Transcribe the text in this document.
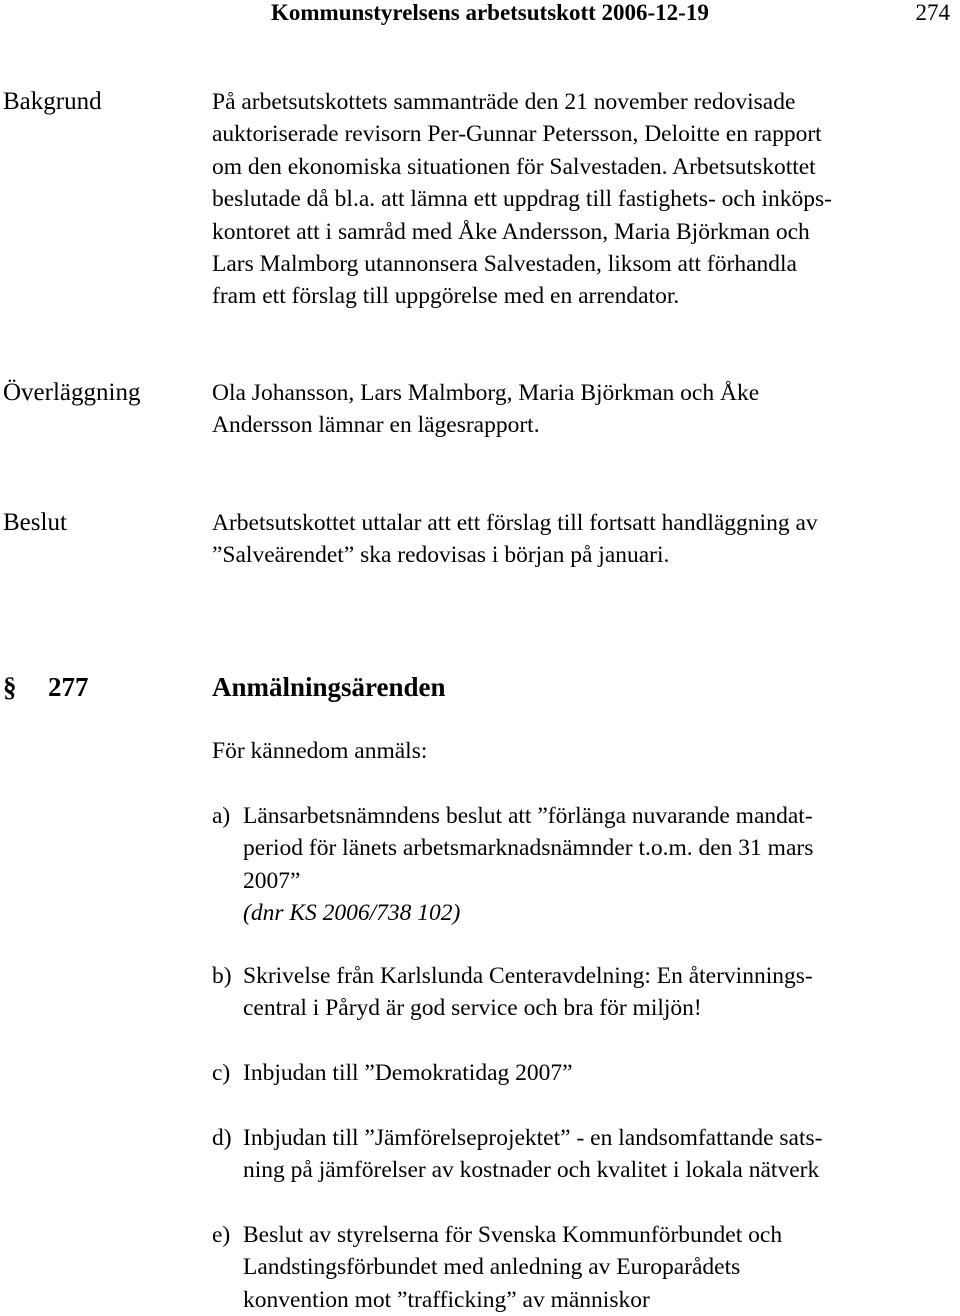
Kommunstyrelsens arbetsutskott 2006-12-19	274
Bakgrund	På arbetsutskottets sammanträde den 21 november redovisade
auktoriserade revisorn Per-Gunnar Petersson, Deloitte en rapport
om den ekonomiska situationen för Salvestaden. Arbetsutskottet
beslutade då bl.a. att lämna ett uppdrag till fastighets- och inköps-
kontoret att i samråd med Åke Andersson, Maria Björkman och
Lars Malmborg utannonsera Salvestaden, liksom att förhandla
fram ett förslag till uppgörelse med en arrendator.
Överläggning	Ola Johansson, Lars Malmborg, Maria Björkman och Åke
Andersson lämnar en lägesrapport.
Beslut	Arbetsutskottet uttalar att ett förslag till fortsatt handläggning av
”Salveärendet” ska redovisas i början på januari.
§ 277	Anmälningsärenden
För kännedom anmäls:
a) Länsarbetsnämndens beslut att ”förlänga nuvarande mandat-
period för länets arbetsmarknadsnämnder t.o.m. den 31 mars
2007”
(dnr KS 2006/738 102)
b) Skrivelse från Karlslunda Centeravdelning: En återvinnings-
central i Påryd är god service och bra för miljön!
c) Inbjudan till ”Demokratidag 2007”
d) Inbjudan till ”Jämförelseprojektet” - en landsomfattande sats-
ning på jämförelser av kostnader och kvalitet i lokala nätverk
e) Beslut av styrelserna för Svenska Kommunförbundet och
Landstingsförbundet med anledning av Europarådets
konvention mot ”trafficking” av människor
